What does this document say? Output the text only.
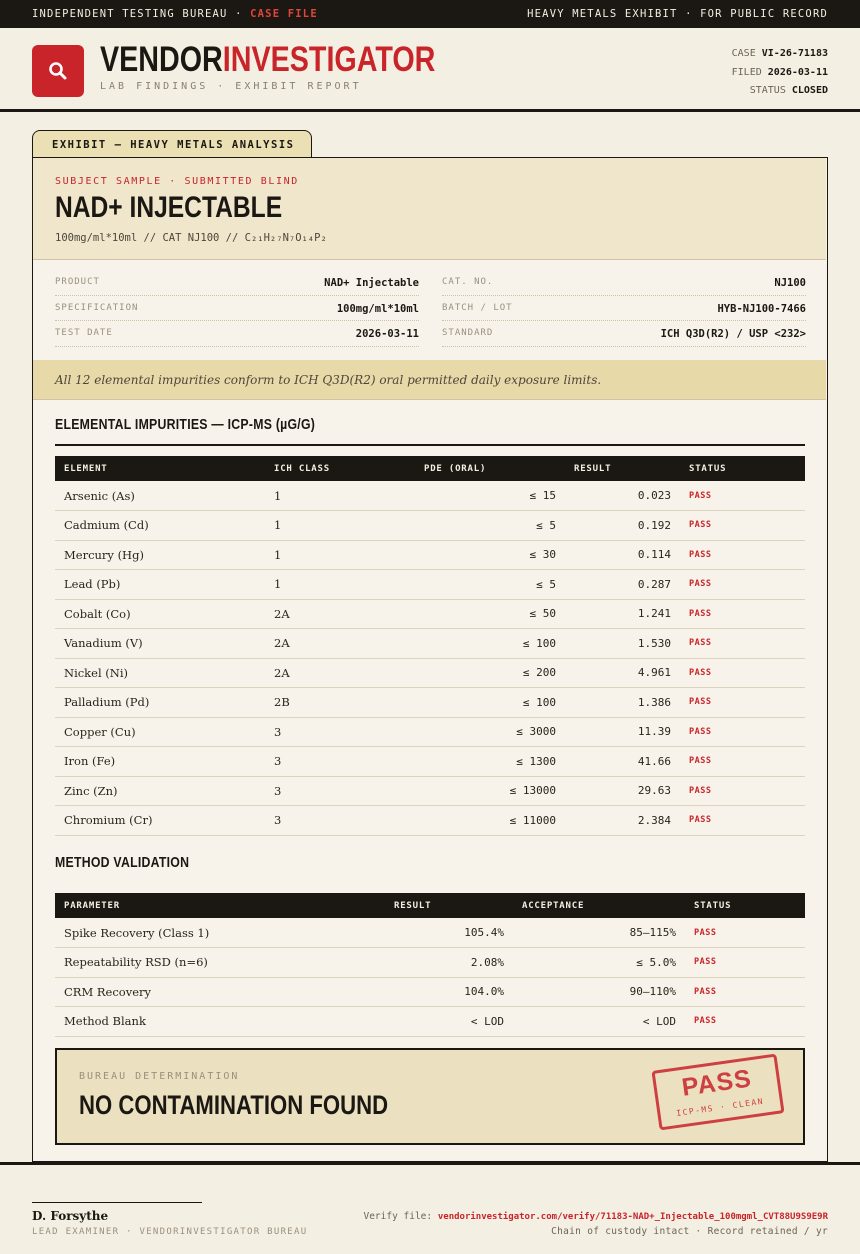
INDEPENDENT TESTING BUREAU · CASE FILE	HEAVY METALS EXHIBIT · FOR PUBLIC RECORD
VENDORINVESTIGATOR
LAB FINDINGS · EXHIBIT REPORT
CASE VI-26-71183
FILED 2026-03-11
STATUS CLOSED
EXHIBIT — HEAVY METALS ANALYSIS
SUBJECT SAMPLE · SUBMITTED BLIND
NAD+ INJECTABLE
100mg/ml*10ml // CAT NJ100 // C₂₁H₂₇N₇O₁₄P₂
PRODUCT	NAD+ Injectable
SPECIFICATION	100mg/ml*10ml
TEST DATE	2026-03-11
CAT. NO.	NJ100
BATCH / LOT	HYB-NJ100-7466
STANDARD	ICH Q3D(R2) / USP <232>
All 12 elemental impurities conform to ICH Q3D(R2) oral permitted daily exposure limits.
ELEMENTAL IMPURITIES — ICP-MS (µG/G)
ELEMENT	ICH CLASS	PDE (ORAL)	RESULT	STATUS
Arsenic (As)	1	≤ 15	0.023	PASS
Cadmium (Cd)	1	≤ 5	0.192	PASS
Mercury (Hg)	1	≤ 30	0.114	PASS
Lead (Pb)	1	≤ 5	0.287	PASS
Cobalt (Co)	2A	≤ 50	1.241	PASS
Vanadium (V)	2A	≤ 100	1.530	PASS
Nickel (Ni)	2A	≤ 200	4.961	PASS
Palladium (Pd)	2B	≤ 100	1.386	PASS
Copper (Cu)	3	≤ 3000	11.39	PASS
Iron (Fe)	3	≤ 1300	41.66	PASS
Zinc (Zn)	3	≤ 13000	29.63	PASS
Chromium (Cr)	3	≤ 11000	2.384	PASS
METHOD VALIDATION
PARAMETER	RESULT	ACCEPTANCE	STATUS
Spike Recovery (Class 1)	105.4%	85–115%	PASS
Repeatability RSD (n=6)	2.08%	≤ 5.0%	PASS
CRM Recovery	104.0%	90–110%	PASS
Method Blank	< LOD	< LOD	PASS
BUREAU DETERMINATION
NO CONTAMINATION FOUND
PASS
ICP-MS · CLEAN
D. Forsythe
LEAD EXAMINER · VENDORINVESTIGATOR BUREAU
Verify file: vendorinvestigator.com/verify/71183-NAD+_Injectable_100mgml_CVT88U9S9E9R
Chain of custody intact · Record retained / yr
